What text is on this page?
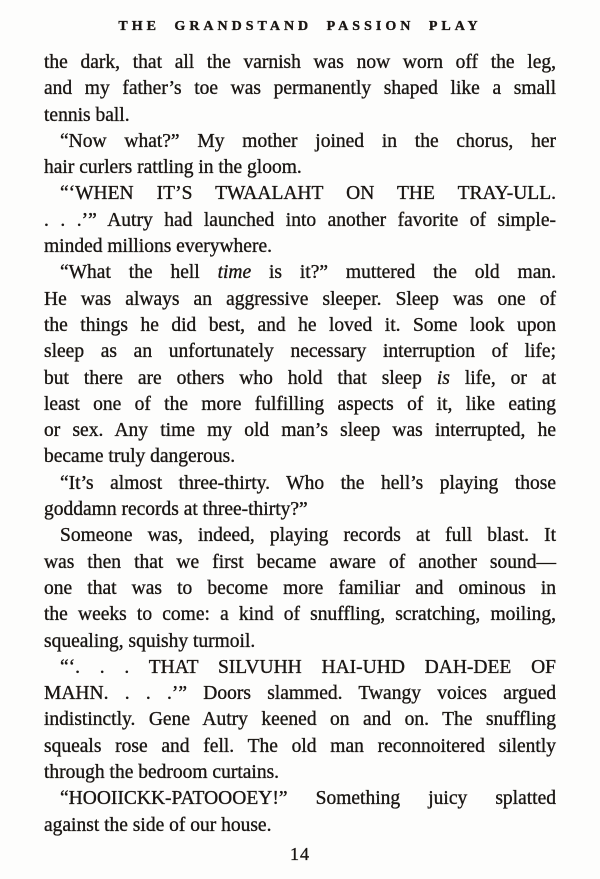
THE GRANDSTAND PASSION PLAY
the dark, that all the varnish was now worn off the leg,
and my father’s toe was permanently shaped like a small
tennis ball.
“Now what?” My mother joined in the chorus, her
hair curlers rattling in the gloom.
“‘WHEN IT’S TWAALAHT ON THE TRAY-ULL.
. . .’” Autry had launched into another favorite of simple-
minded millions everywhere.
“What the hell time is it?” muttered the old man.
He was always an aggressive sleeper. Sleep was one of
the things he did best, and he loved it. Some look upon
sleep as an unfortunately necessary interruption of life;
but there are others who hold that sleep is life, or at
least one of the more fulfilling aspects of it, like eating
or sex. Any time my old man’s sleep was interrupted, he
became truly dangerous.
“It’s almost three-thirty. Who the hell’s playing those
goddamn records at three-thirty?”
Someone was, indeed, playing records at full blast. It
was then that we first became aware of another sound—
one that was to become more familiar and ominous in
the weeks to come: a kind of snuffling, scratching, moiling,
squealing, squishy turmoil.
“‘. . . THAT SILVUHH HAI-UHD DAH-DEE OF
MAHN. . . .’” Doors slammed. Twangy voices argued
indistinctly. Gene Autry keened on and on. The snuffling
squeals rose and fell. The old man reconnoitered silently
through the bedroom curtains.
“HOOIICKK-PATOOOEY!” Something juicy splatted
against the side of our house.
14
